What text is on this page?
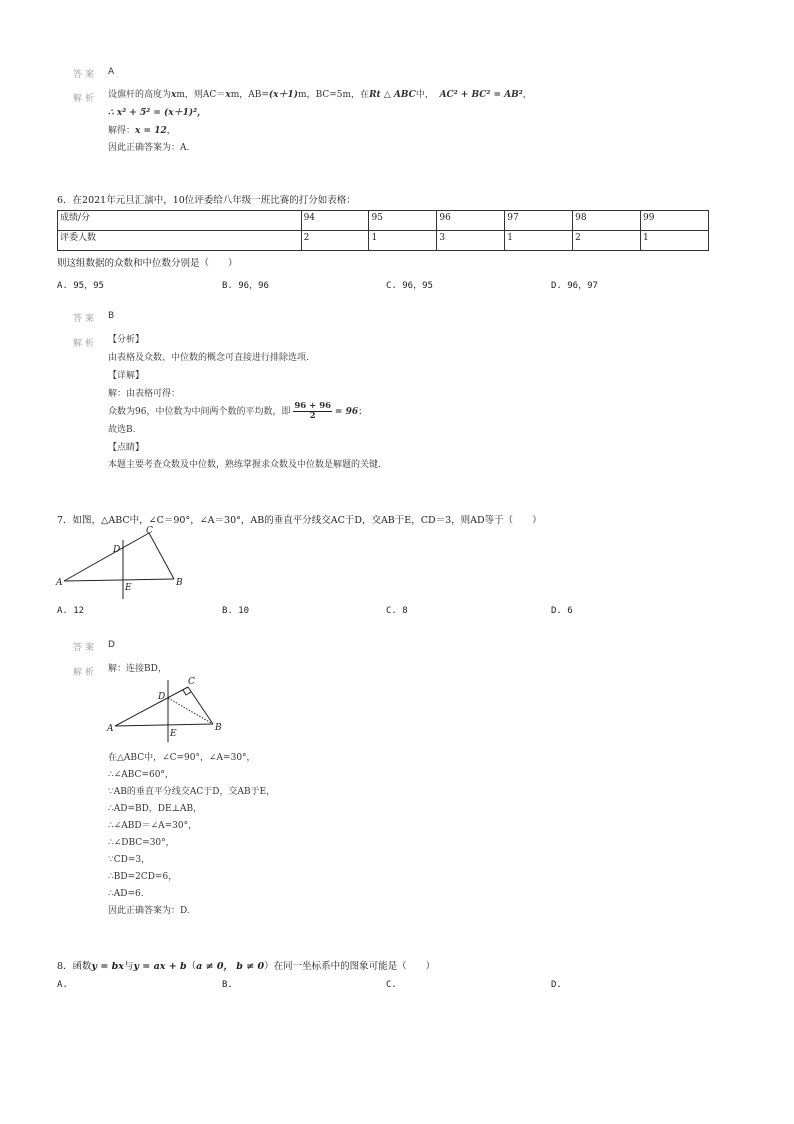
答案 A
解析 设旗杆的高度为xm，则AC＝xm，AB=(x＋1)m，BC=5m，在Rt △ ABC中， AC² + BC² = AB²，
∴ x² + 5² = (x＋1)²，
解得：x = 12，
因此正确答案为：A.
6．在2021年元旦汇演中，10位评委给八年级一班比赛的打分如表格：
成绩/分	94	95	96	97	98	99
评委人数	2	1	3	1	2	1
则这组数据的众数和中位数分别是（　　）
A. 95，95	B. 96，96	C. 96，95	D. 96，97
答案 B
解析 【分析】
由表格及众数、中位数的概念可直接进行排除选项.
【详解】
解：由表格可得：
众数为96，中位数为中间两个数的平均数，即 $\frac{96 + 96}{2} = 96$；
故选B.
【点睛】
本题主要考查众数及中位数，熟练掌握求众数及中位数是解题的关键.
7．如图，△ABC中，∠C＝90°，∠A＝30°，AB的垂直平分线交AC于D，交AB于E，CD＝3，则AD等于（　　）
A	B
C
D
E
A. 12	B. 10	C. 8	D. 6
答案 D
解析 解：连接BD，
A	B
C
D
E
在△ABC中，∠C=90°，∠A=30°，
∴∠ABC=60°，
∵AB的垂直平分线交AC于D，交AB于E，
∴AD=BD，DE⊥AB，
∴∠ABD＝∠A=30°，
∴∠DBC=30°，
∵CD=3，
∴BD=2CD=6，
∴AD=6.
因此正确答案为：D.
8．函数y = bx与y = ax + b（a ≠ 0， b ≠ 0）在同一坐标系中的图象可能是（　　）
A.	B.	C.	D.
